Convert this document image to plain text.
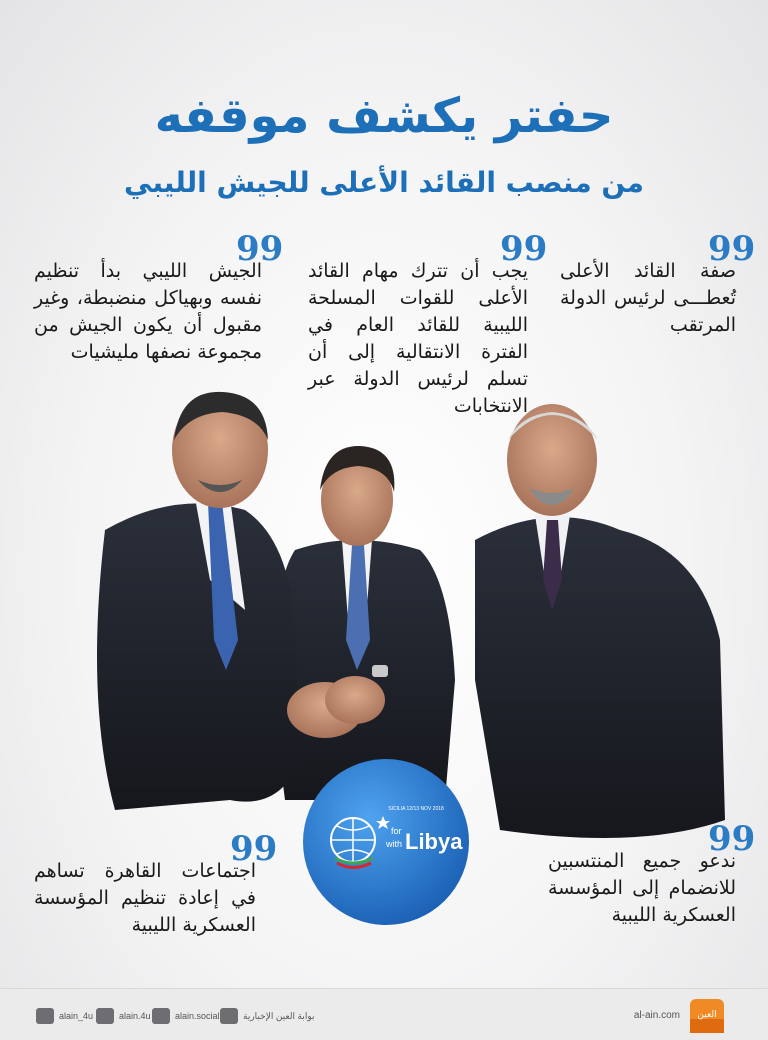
حفتر يكشف موقفه
من منصب القائد الأعلى للجيش الليبي
99

صفة القائد الأعلى تُعطـــى لرئيس الدولة المرتقب

99

يجب أن تترك مهام القائد الأعلى للقوات المسلحة الليبية للقائد العام في الفترة الانتقالية إلى أن تسلم لرئيس الدولة عبر الانتخابات

99

الجيش الليبي بدأ تنظيم نفسه وبهياكل منضبطة، وغير مقبول أن يكون الجيش من مجموعة نصفها مليشيات

SICILIA 12/13 NOV 2018
for
with Libya	99

ندعو جميع المنتسبين للانضمام إلى المؤسسة العسكرية الليبية

99

اجتماعات القاهرة تساهم في إعادة تنظيم المؤسسة العسكرية الليبية

alain_4u	alain.4u	alain.social	بوابة العين الإخبارية	al-ain.com العين
